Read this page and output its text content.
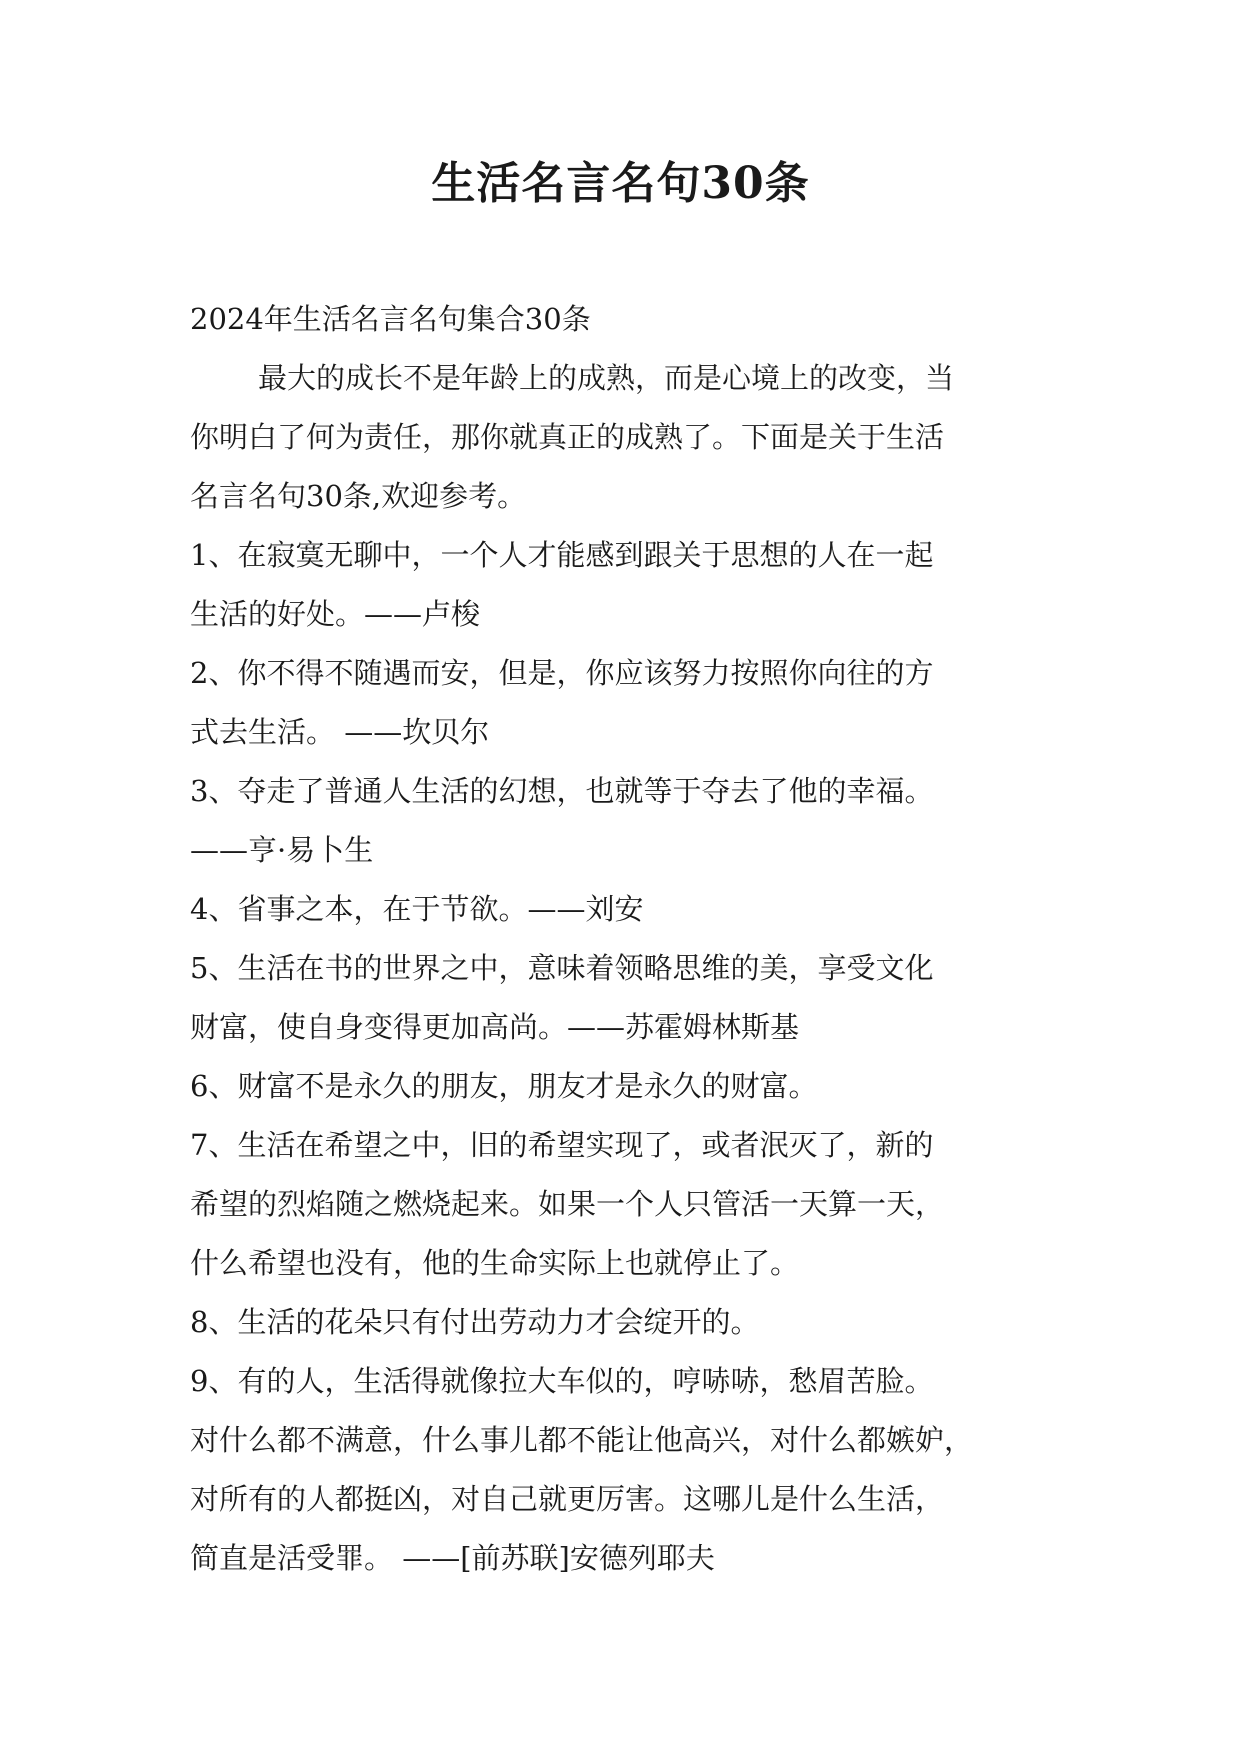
生活名言名句30条
2024年生活名言名句集合30条
最大的成长不是年龄上的成熟，而是心境上的改变，当
你明白了何为责任，那你就真正的成熟了。下面是关于生活
名言名句30条,欢迎参考。
1、在寂寞无聊中，一个人才能感到跟关于思想的人在一起
生活的好处。——卢梭
2、你不得不随遇而安，但是，你应该努力按照你向往的方
式去生活。 ——坎贝尔
3、夺走了普通人生活的幻想，也就等于夺去了他的幸福。
——亨·易卜生
4、省事之本，在于节欲。——刘安
5、生活在书的世界之中，意味着领略思维的美，享受文化
财富，使自身变得更加高尚。——苏霍姆林斯基
6、财富不是永久的朋友，朋友才是永久的财富。
7、生活在希望之中，旧的希望实现了，或者泯灭了，新的
希望的烈焰随之燃烧起来。如果一个人只管活一天算一天，
什么希望也没有，他的生命实际上也就停止了。
8、生活的花朵只有付出劳动力才会绽开的。
9、有的人，生活得就像拉大车似的，哼哧哧，愁眉苦脸。
对什么都不满意，什么事儿都不能让他高兴，对什么都嫉妒，
对所有的人都挺凶，对自己就更厉害。这哪儿是什么生活，
简直是活受罪。 ——[前苏联]安德列耶夫
